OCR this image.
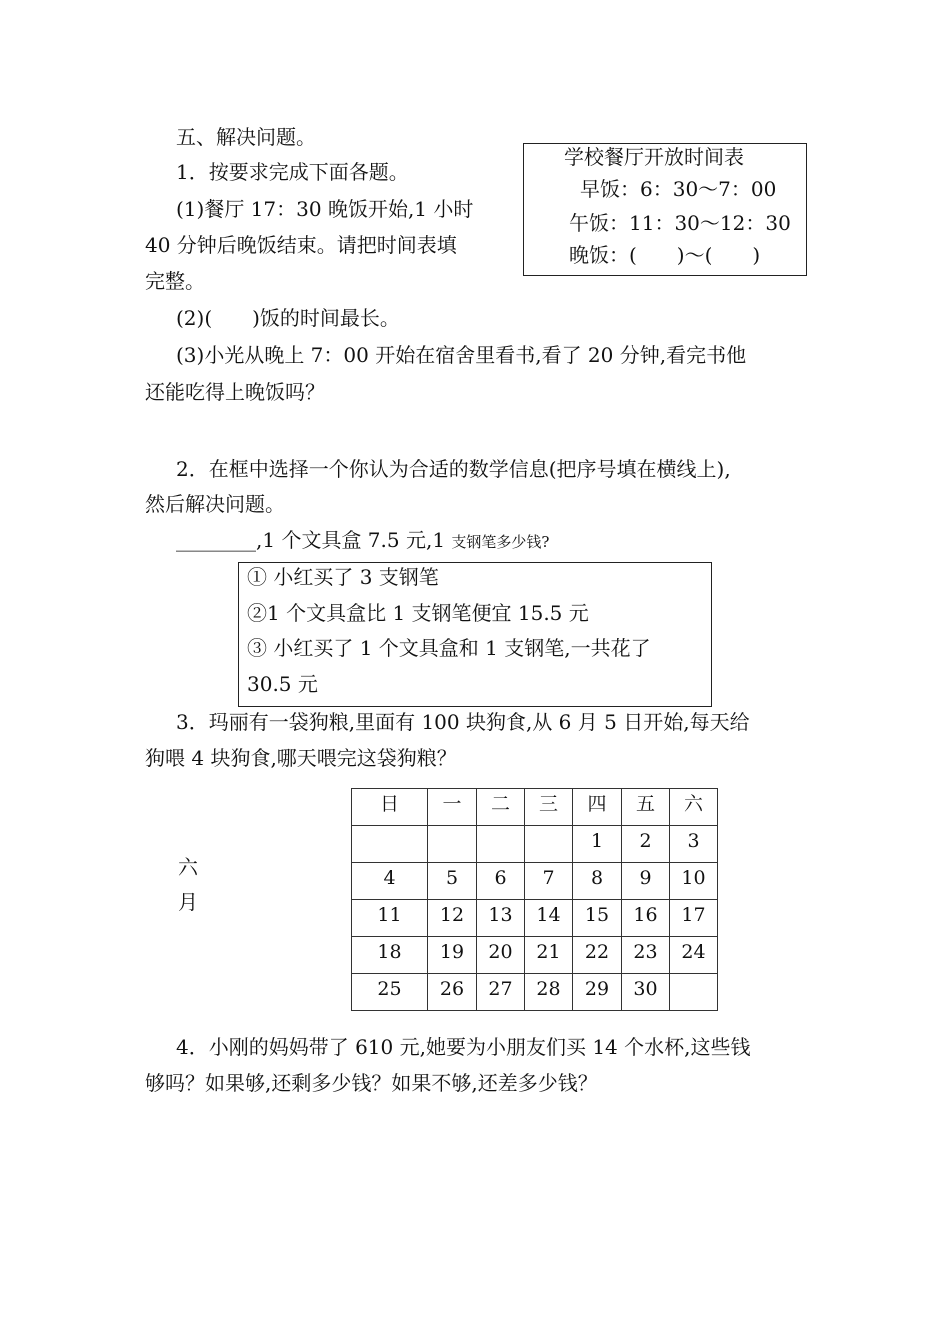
五、解决问题。
1．按要求完成下面各题。
(1)餐厅 17：30 晚饭开始,1 小时
40 分钟后晚饭结束。请把时间表填
完整。
(2)(　　)饭的时间最长。
(3)小光从晚上 7：00 开始在宿舍里看书,看了 20 分钟,看完书他
还能吃得上晚饭吗？
学校餐厅开放时间表
早饭：6：30～7：00
午饭：11：30～12：30
晚饭：(　　)～(　　)
2．在框中选择一个你认为合适的数学信息(把序号填在横线上),
然后解决问题。
________,1 个文具盒 7.5 元,1 支钢笔多少钱?
① 小红买了 3 支钢笔
②1 个文具盒比 1 支钢笔便宜 15.5 元
③ 小红买了 1 个文具盒和 1 支钢笔,一共花了
30.5 元
3．玛丽有一袋狗粮,里面有 100 块狗食,从 6 月 5 日开始,每天给
狗喂 4 块狗食,哪天喂完这袋狗粮？
六
月
日	一	二	三	四	五	六
				1	2	3
4	5	6	7	8	9	10
11	12	13	14	15	16	17
18	19	20	21	22	23	24
25	26	27	28	29	30	
4．小刚的妈妈带了 610 元,她要为小朋友们买 14 个水杯,这些钱
够吗？如果够,还剩多少钱？如果不够,还差多少钱？
